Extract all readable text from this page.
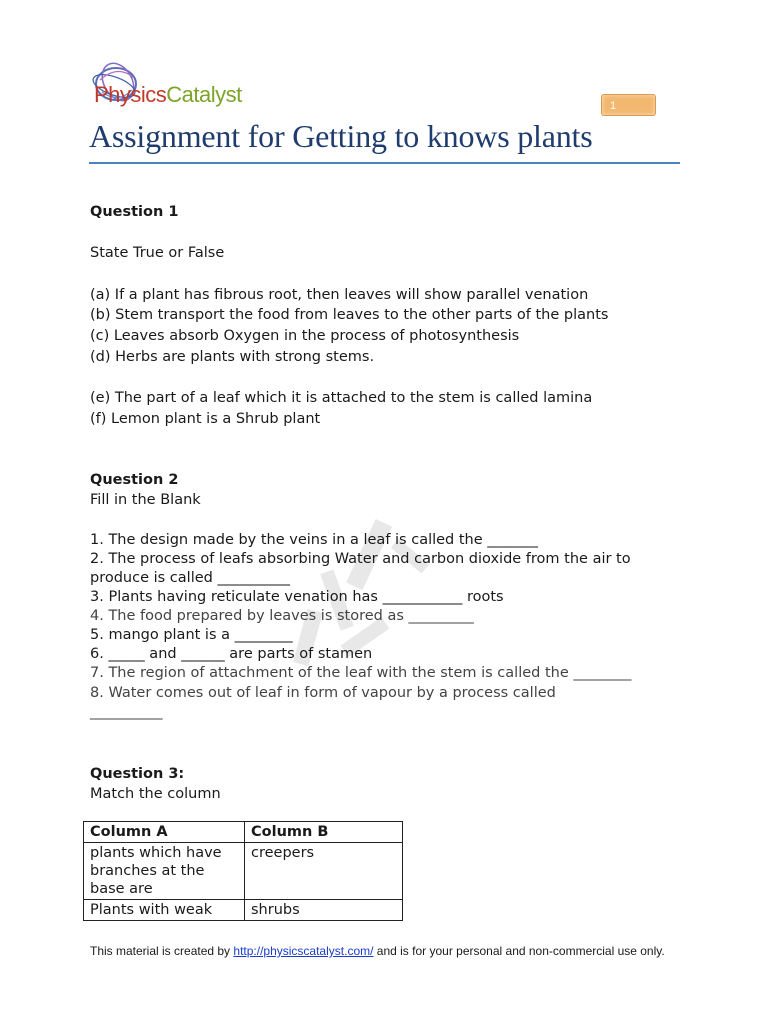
PhysicsCatalyst	1
Assignment for Getting to knows plants
Question 1
State True or False
(a) If a plant has fibrous root, then leaves will show parallel venation
(b) Stem transport the food from leaves to the other parts of the plants
(c) Leaves absorb Oxygen in the process of photosynthesis
(d) Herbs are plants with strong stems.
(e) The part of a leaf which it is attached to the stem is called lamina
(f) Lemon plant is a Shrub plant
Question 2
Fill in the Blank
1. The design made by the veins in a leaf is called the _______
2. The process of leafs absorbing Water and carbon dioxide from the air to
produce is called __________
3. Plants having reticulate venation has ___________ roots
4. The food prepared by leaves is stored as _________
5. mango plant is a ________
6. _____ and ______ are parts of stamen
7. The region of attachment of the leaf with the stem is called the ________
8. Water comes out of leaf in form of vapour by a process called
__________
Question 3:
Match the column
Column A	Column B
plants which have branches at the base are	creepers
Plants with weak	shrubs
This material is created by http://physicscatalyst.com/ and is for your personal and non-commercial use only.
